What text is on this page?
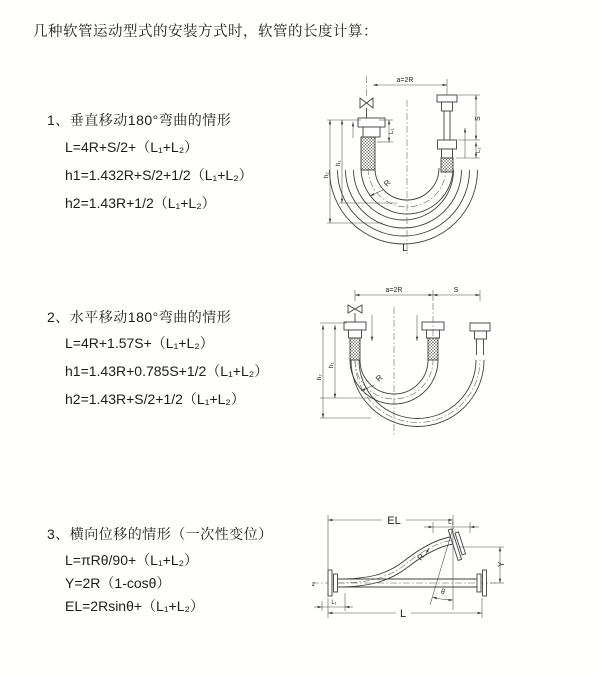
几种软管运动型式的安装方式时，软管的长度计算：
1、垂直移动180°弯曲的情形
L=4R+S/2+（L₁+L₂）
h1=1.432R+S/2+1/2（L₁+L₂）
h2=1.43R+1/2（L₁+L₂）
2、水平移动180°弯曲的情形
L=4R+1.57S+（L₁+L₂）
h1=1.43R+0.785S+1/2（L₁+L₂）
h2=1.43R+S/2+1/2（L₁+L₂）
3、横向位移的情形（一次性变位）
L=πRθ/90+（L₁+L₂）
Y=2R（1-cosθ）
EL=2Rsinθ+（L₁+L₂）
a=2R
L₁
h₁
h₂
S
L₂
R
L
a=2R	S
h₁
h₂	R
z
EL	L₂
Y
θ
R
L₁
L
